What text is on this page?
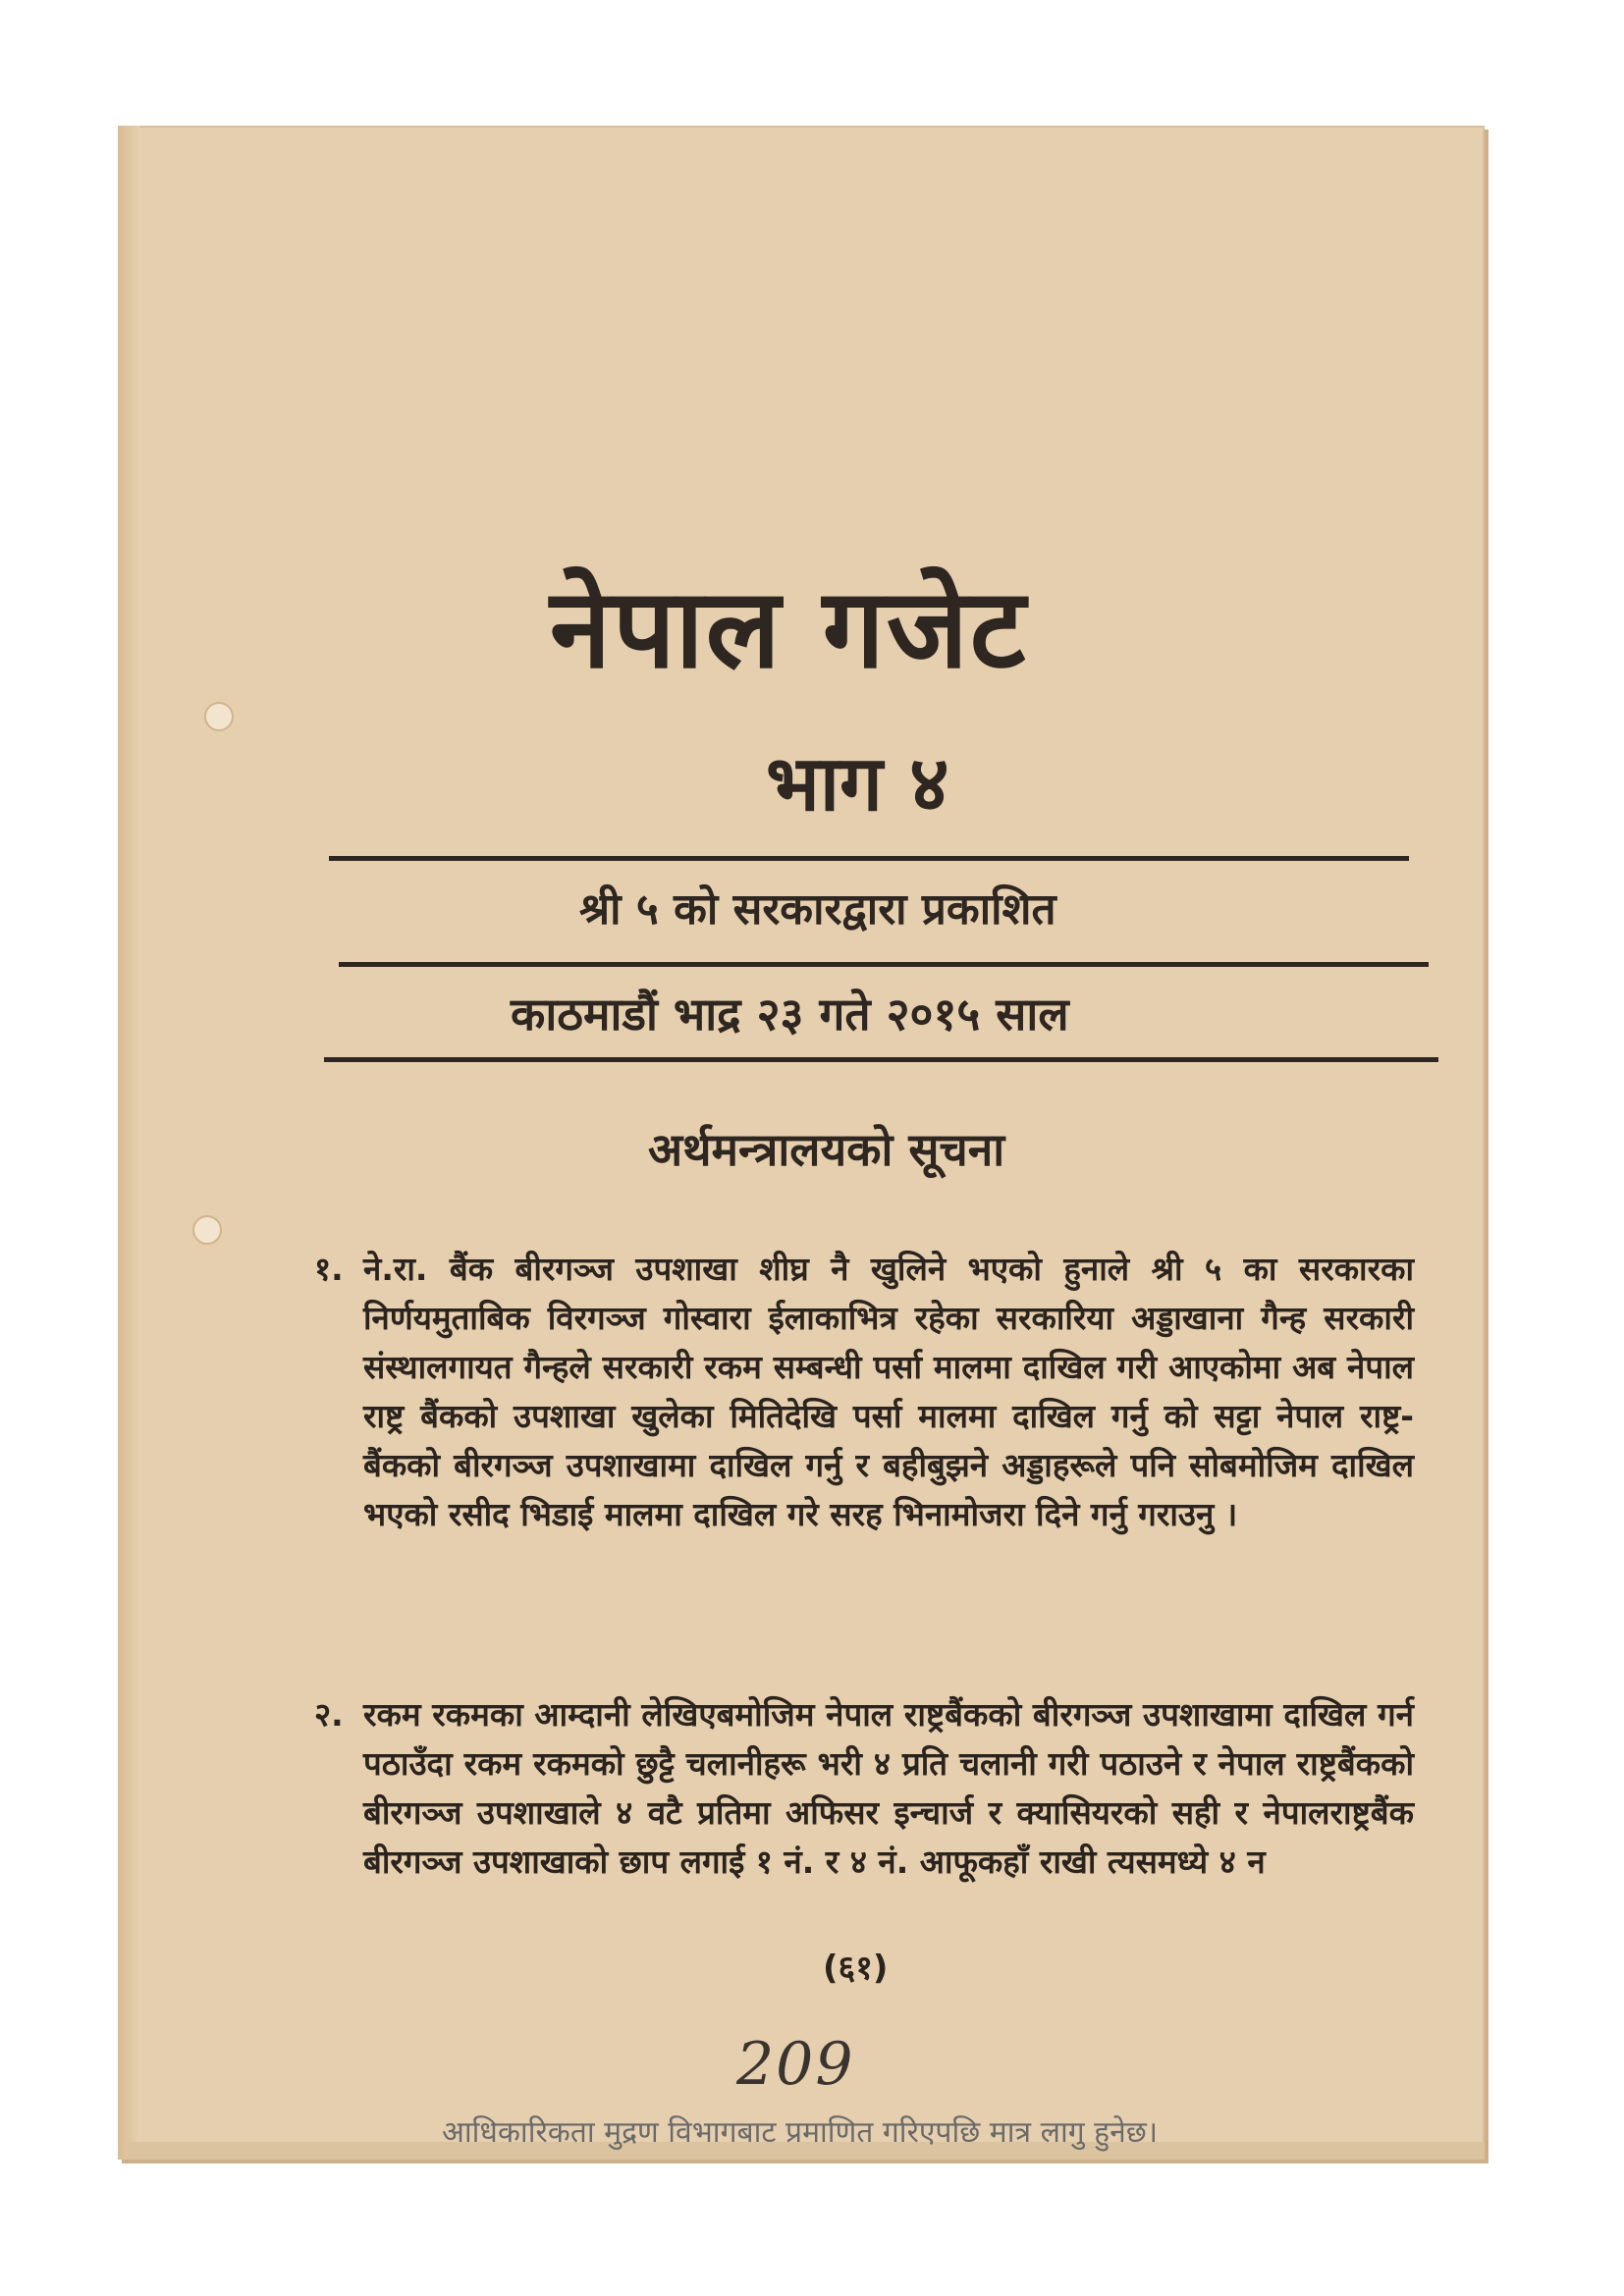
नेपाल गजेट
भाग ४
श्री ५ को सरकारद्वारा प्रकाशित
काठमाडौं भाद्र २३ गते २०१५ साल
अर्थमन्त्रालयको सूचना
१. ने.रा. बैंक बीरगञ्ज उपशाखा शीघ्र नै खुलिने भएको हुनाले श्री ५ का सरकारका निर्णयमुताबिक विरगञ्ज गोस्वारा ईलाकाभित्र रहेका सरकारिया अड्डाखाना गैन्ह सरकारी संस्थालगायत गैन्हले सरकारी रकम सम्बन्धी पर्सा मालमा दाखिल गरी आएकोमा अब नेपाल राष्ट्र बैंकको उपशाखा खुलेका मितिदेखि पर्सा मालमा दाखिल गर्नु को सट्टा नेपाल राष्ट्र-बैंकको बीरगञ्ज उपशाखामा दाखिल गर्नु र बहीबुझने अड्डाहरूले पनि सोबमोजिम दाखिल भएको रसीद भिडाई मालमा दाखिल गरे सरह भिनामोजरा दिने गर्नु गराउनु ।
२. रकम रकमका आम्दानी लेखिएबमोजिम नेपाल राष्ट्रबैंकको बीरगञ्ज उपशाखामा दाखिल गर्न पठाउँदा रकम रकमको छुट्टै चलानीहरू भरी ४ प्रति चलानी गरी पठाउने र नेपाल राष्ट्रबैंकको बीरगञ्ज उपशाखाले ४ वटै प्रतिमा अफिसर इन्चार्ज र क्यासियरको सही र नेपालराष्ट्रबैंक बीरगञ्ज उपशाखाको छाप लगाई १ नं. र ४ नं. आफूकहाँ राखी त्यसमध्ये ४ न
(६१)
209
आधिकारिकता मुद्रण विभागबाट प्रमाणित गरिएपछि मात्र लागु हुनेछ।
